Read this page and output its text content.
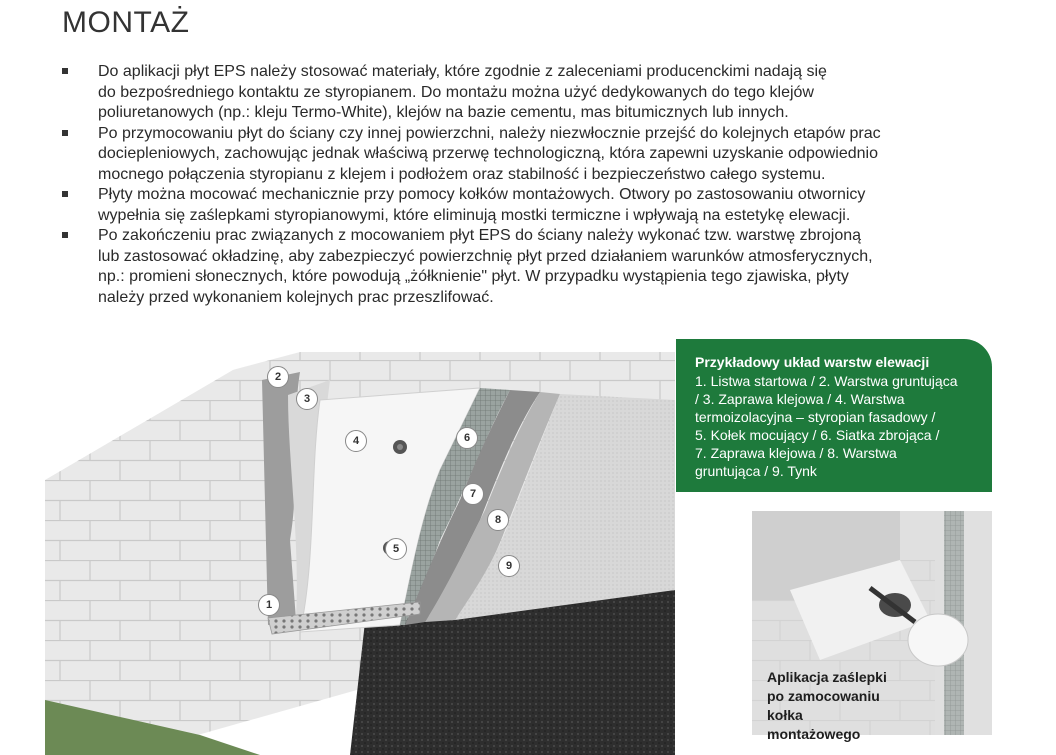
MONTAŻ
Do aplikacji płyt EPS należy stosować materiały, które zgodnie z zaleceniami producenckimi nadają się
do bezpośredniego kontaktu ze styropianem. Do montażu można użyć dedykowanych do tego klejów
poliuretanowych (np.: kleju Termo-White), klejów na bazie cementu, mas bitumicznych lub innych.
Po przymocowaniu płyt do ściany czy innej powierzchni, należy niezwłocznie przejść do kolejnych etapów prac
dociepleniowych, zachowując jednak właściwą przerwę technologiczną, która zapewni uzyskanie odpowiednio
mocnego połączenia styropianu z klejem i podłożem oraz stabilność i bezpieczeństwo całego systemu.
Płyty można mocować mechanicznie przy pomocy kołków montażowych. Otwory po zastosowaniu otwornicy
wypełnia się zaślepkami styropianowymi, które eliminują mostki termiczne i wpływają na estetykę elewacji.
Po zakończeniu prac związanych z mocowaniem płyt EPS do ściany należy wykonać tzw. warstwę zbrojoną
lub zastosować okładzinę, aby zabezpieczyć powierzchnię płyt przed działaniem warunków atmosferycznych,
np.: promieni słonecznych, które powodują „żółknienie" płyt. W przypadku wystąpienia tego zjawiska, płyty
należy przed wykonaniem kolejnych prac przeszlifować.
1
2
3
4
5
6
7
8
9
Przykładowy układ warstw elewacji
1. Listwa startowa / 2. Warstwa gruntująca
/ 3. Zaprawa klejowa / 4. Warstwa
termoizolacyjna – styropian fasadowy /
5. Kołek mocujący / 6. Siatka zbrojąca /
7. Zaprawa klejowa / 8. Warstwa
gruntująca / 9. Tynk
Aplikacja zaślepki
po zamocowaniu kołka
montażowego
